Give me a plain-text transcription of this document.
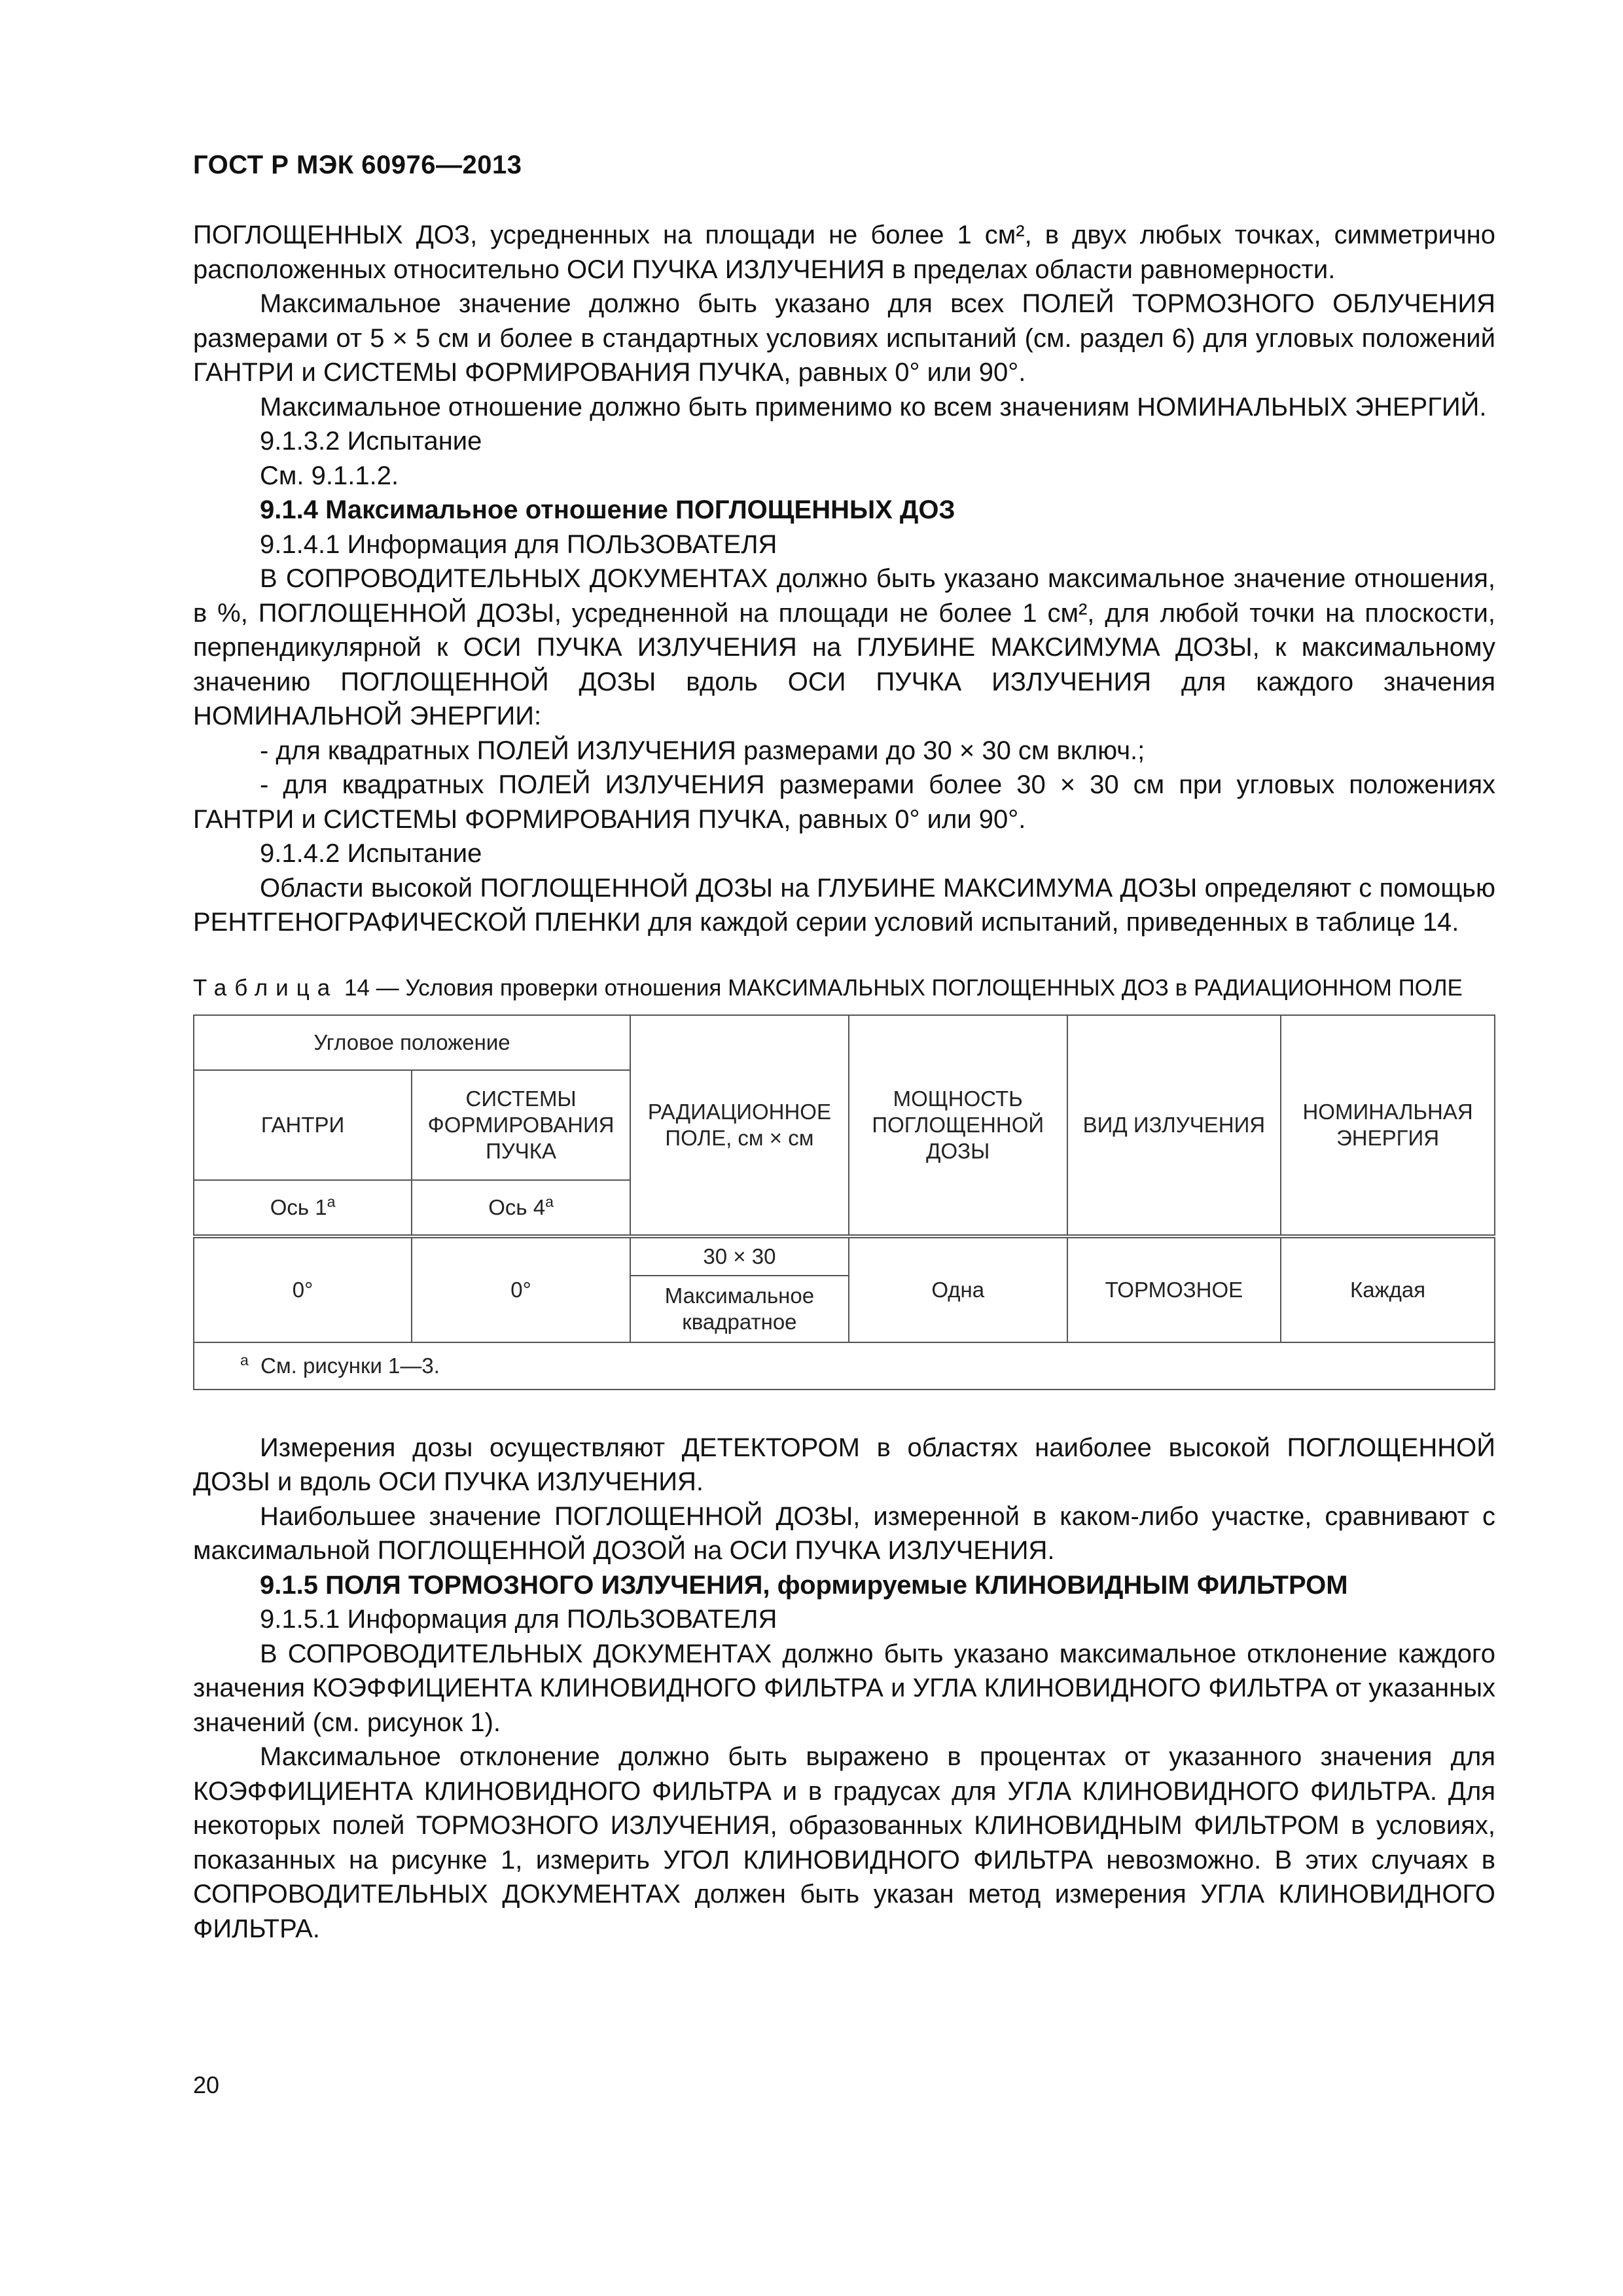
ГОСТ Р МЭК 60976—2013

ПОГЛОЩЕННЫХ ДОЗ, усредненных на площади не более 1 см², в двух любых точках, симметрично расположенных относительно ОСИ ПУЧКА ИЗЛУЧЕНИЯ в пределах области равномерности.

Максимальное значение должно быть указано для всех ПОЛЕЙ ТОРМОЗНОГО ОБЛУЧЕНИЯ размерами от 5 × 5 см и более в стандартных условиях испытаний (см. раздел 6) для угловых положений ГАНТРИ и СИСТЕМЫ ФОРМИРОВАНИЯ ПУЧКА, равных 0° или 90°.

Максимальное отношение должно быть применимо ко всем значениям НОМИНАЛЬНЫХ ЭНЕРГИЙ.

9.1.3.2 Испытание

См. 9.1.1.2.

9.1.4 Максимальное отношение ПОГЛОЩЕННЫХ ДОЗ

9.1.4.1 Информация для ПОЛЬЗОВАТЕЛЯ

В СОПРОВОДИТЕЛЬНЫХ ДОКУМЕНТАХ должно быть указано максимальное значение отношения, в %, ПОГЛОЩЕННОЙ ДОЗЫ, усредненной на площади не более 1 см², для любой точки на плоскости, перпендикулярной к ОСИ ПУЧКА ИЗЛУЧЕНИЯ на ГЛУБИНЕ МАКСИМУМА ДОЗЫ, к максимальному значению ПОГЛОЩЕННОЙ ДОЗЫ вдоль ОСИ ПУЧКА ИЗЛУЧЕНИЯ для каждого значения НОМИНАЛЬНОЙ ЭНЕРГИИ:

- для квадратных ПОЛЕЙ ИЗЛУЧЕНИЯ размерами до 30 × 30 см включ.;

- для квадратных ПОЛЕЙ ИЗЛУЧЕНИЯ размерами более 30 × 30 см при угловых положениях ГАНТРИ и СИСТЕМЫ ФОРМИРОВАНИЯ ПУЧКА, равных 0° или 90°.

9.1.4.2 Испытание

Области высокой ПОГЛОЩЕННОЙ ДОЗЫ на ГЛУБИНЕ МАКСИМУМА ДОЗЫ определяют с помощью РЕНТГЕНОГРАФИЧЕСКОЙ ПЛЕНКИ для каждой серии условий испытаний, приведенных в таблице 14.

Таблица 14 — Условия проверки отношения МАКСИМАЛЬНЫХ ПОГЛОЩЕННЫХ ДОЗ в РАДИАЦИОННОМ ПОЛЕ
Угловое положение		РАДИАЦИОННОЕ ПОЛЕ, см × см	МОЩНОСТЬ ПОГЛОЩЕННОЙ ДОЗЫ	ВИД ИЗЛУЧЕНИЯ	НОМИНАЛЬНАЯ ЭНЕРГИЯ
ГАНТРИ	СИСТЕМЫ ФОРМИРОВАНИЯ ПУЧКА				
Ось $1^а$	Ось $4^а$
0°	0°	30 × 30	Одна	ТОРМОЗНОЕ	Каждая
		Максимальное квадратное			
$^а$ См. рисунки 1—3.					

Измерения дозы осуществляют ДЕТЕКТОРОМ в областях наиболее высокой ПОГЛОЩЕННОЙ ДОЗЫ и вдоль ОСИ ПУЧКА ИЗЛУЧЕНИЯ.

Наибольшее значение ПОГЛОЩЕННОЙ ДОЗЫ, измеренной в каком-либо участке, сравнивают с максимальной ПОГЛОЩЕННОЙ ДОЗОЙ на ОСИ ПУЧКА ИЗЛУЧЕНИЯ.

9.1.5 ПОЛЯ ТОРМОЗНОГО ИЗЛУЧЕНИЯ, формируемые КЛИНОВИДНЫМ ФИЛЬТРОМ

9.1.5.1 Информация для ПОЛЬЗОВАТЕЛЯ

В СОПРОВОДИТЕЛЬНЫХ ДОКУМЕНТАХ должно быть указано максимальное отклонение каждого значения КОЭФФИЦИЕНТА КЛИНОВИДНОГО ФИЛЬТРА и УГЛА КЛИНОВИДНОГО ФИЛЬТРА от указанных значений (см. рисунок 1).

Максимальное отклонение должно быть выражено в процентах от указанного значения для КОЭФФИЦИЕНТА КЛИНОВИДНОГО ФИЛЬТРА и в градусах для УГЛА КЛИНОВИДНОГО ФИЛЬТРА. Для некоторых полей ТОРМОЗНОГО ИЗЛУЧЕНИЯ, образованных КЛИНОВИДНЫМ ФИЛЬТРОМ в условиях, показанных на рисунке 1, измерить УГОЛ КЛИНОВИДНОГО ФИЛЬТРА невозможно. В этих случаях в СОПРОВОДИТЕЛЬНЫХ ДОКУМЕНТАХ должен быть указан метод измерения УГЛА КЛИНОВИДНОГО ФИЛЬТРА.

20
